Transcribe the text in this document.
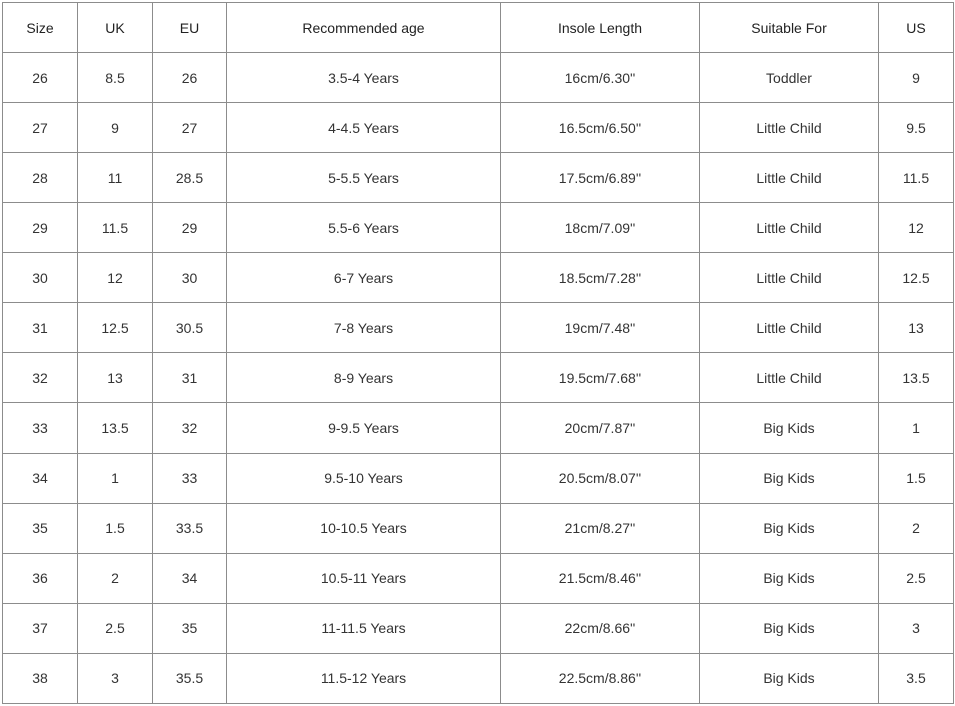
Size	UK	EU	Recommended age	Insole Length	Suitable For	US
26	8.5	26	3.5-4 Years	16cm/6.30''	Toddler	9
27	9	27	4-4.5 Years	16.5cm/6.50''	Little Child	9.5
28	11	28.5	5-5.5 Years	17.5cm/6.89''	Little Child	11.5
29	11.5	29	5.5-6 Years	18cm/7.09''	Little Child	12
30	12	30	6-7 Years	18.5cm/7.28''	Little Child	12.5
31	12.5	30.5	7-8 Years	19cm/7.48''	Little Child	13
32	13	31	8-9 Years	19.5cm/7.68''	Little Child	13.5
33	13.5	32	9-9.5 Years	20cm/7.87''	Big Kids	1
34	1	33	9.5-10 Years	20.5cm/8.07''	Big Kids	1.5
35	1.5	33.5	10-10.5 Years	21cm/8.27''	Big Kids	2
36	2	34	10.5-11 Years	21.5cm/8.46''	Big Kids	2.5
37	2.5	35	11-11.5 Years	22cm/8.66''	Big Kids	3
38	3	35.5	11.5-12 Years	22.5cm/8.86''	Big Kids	3.5
